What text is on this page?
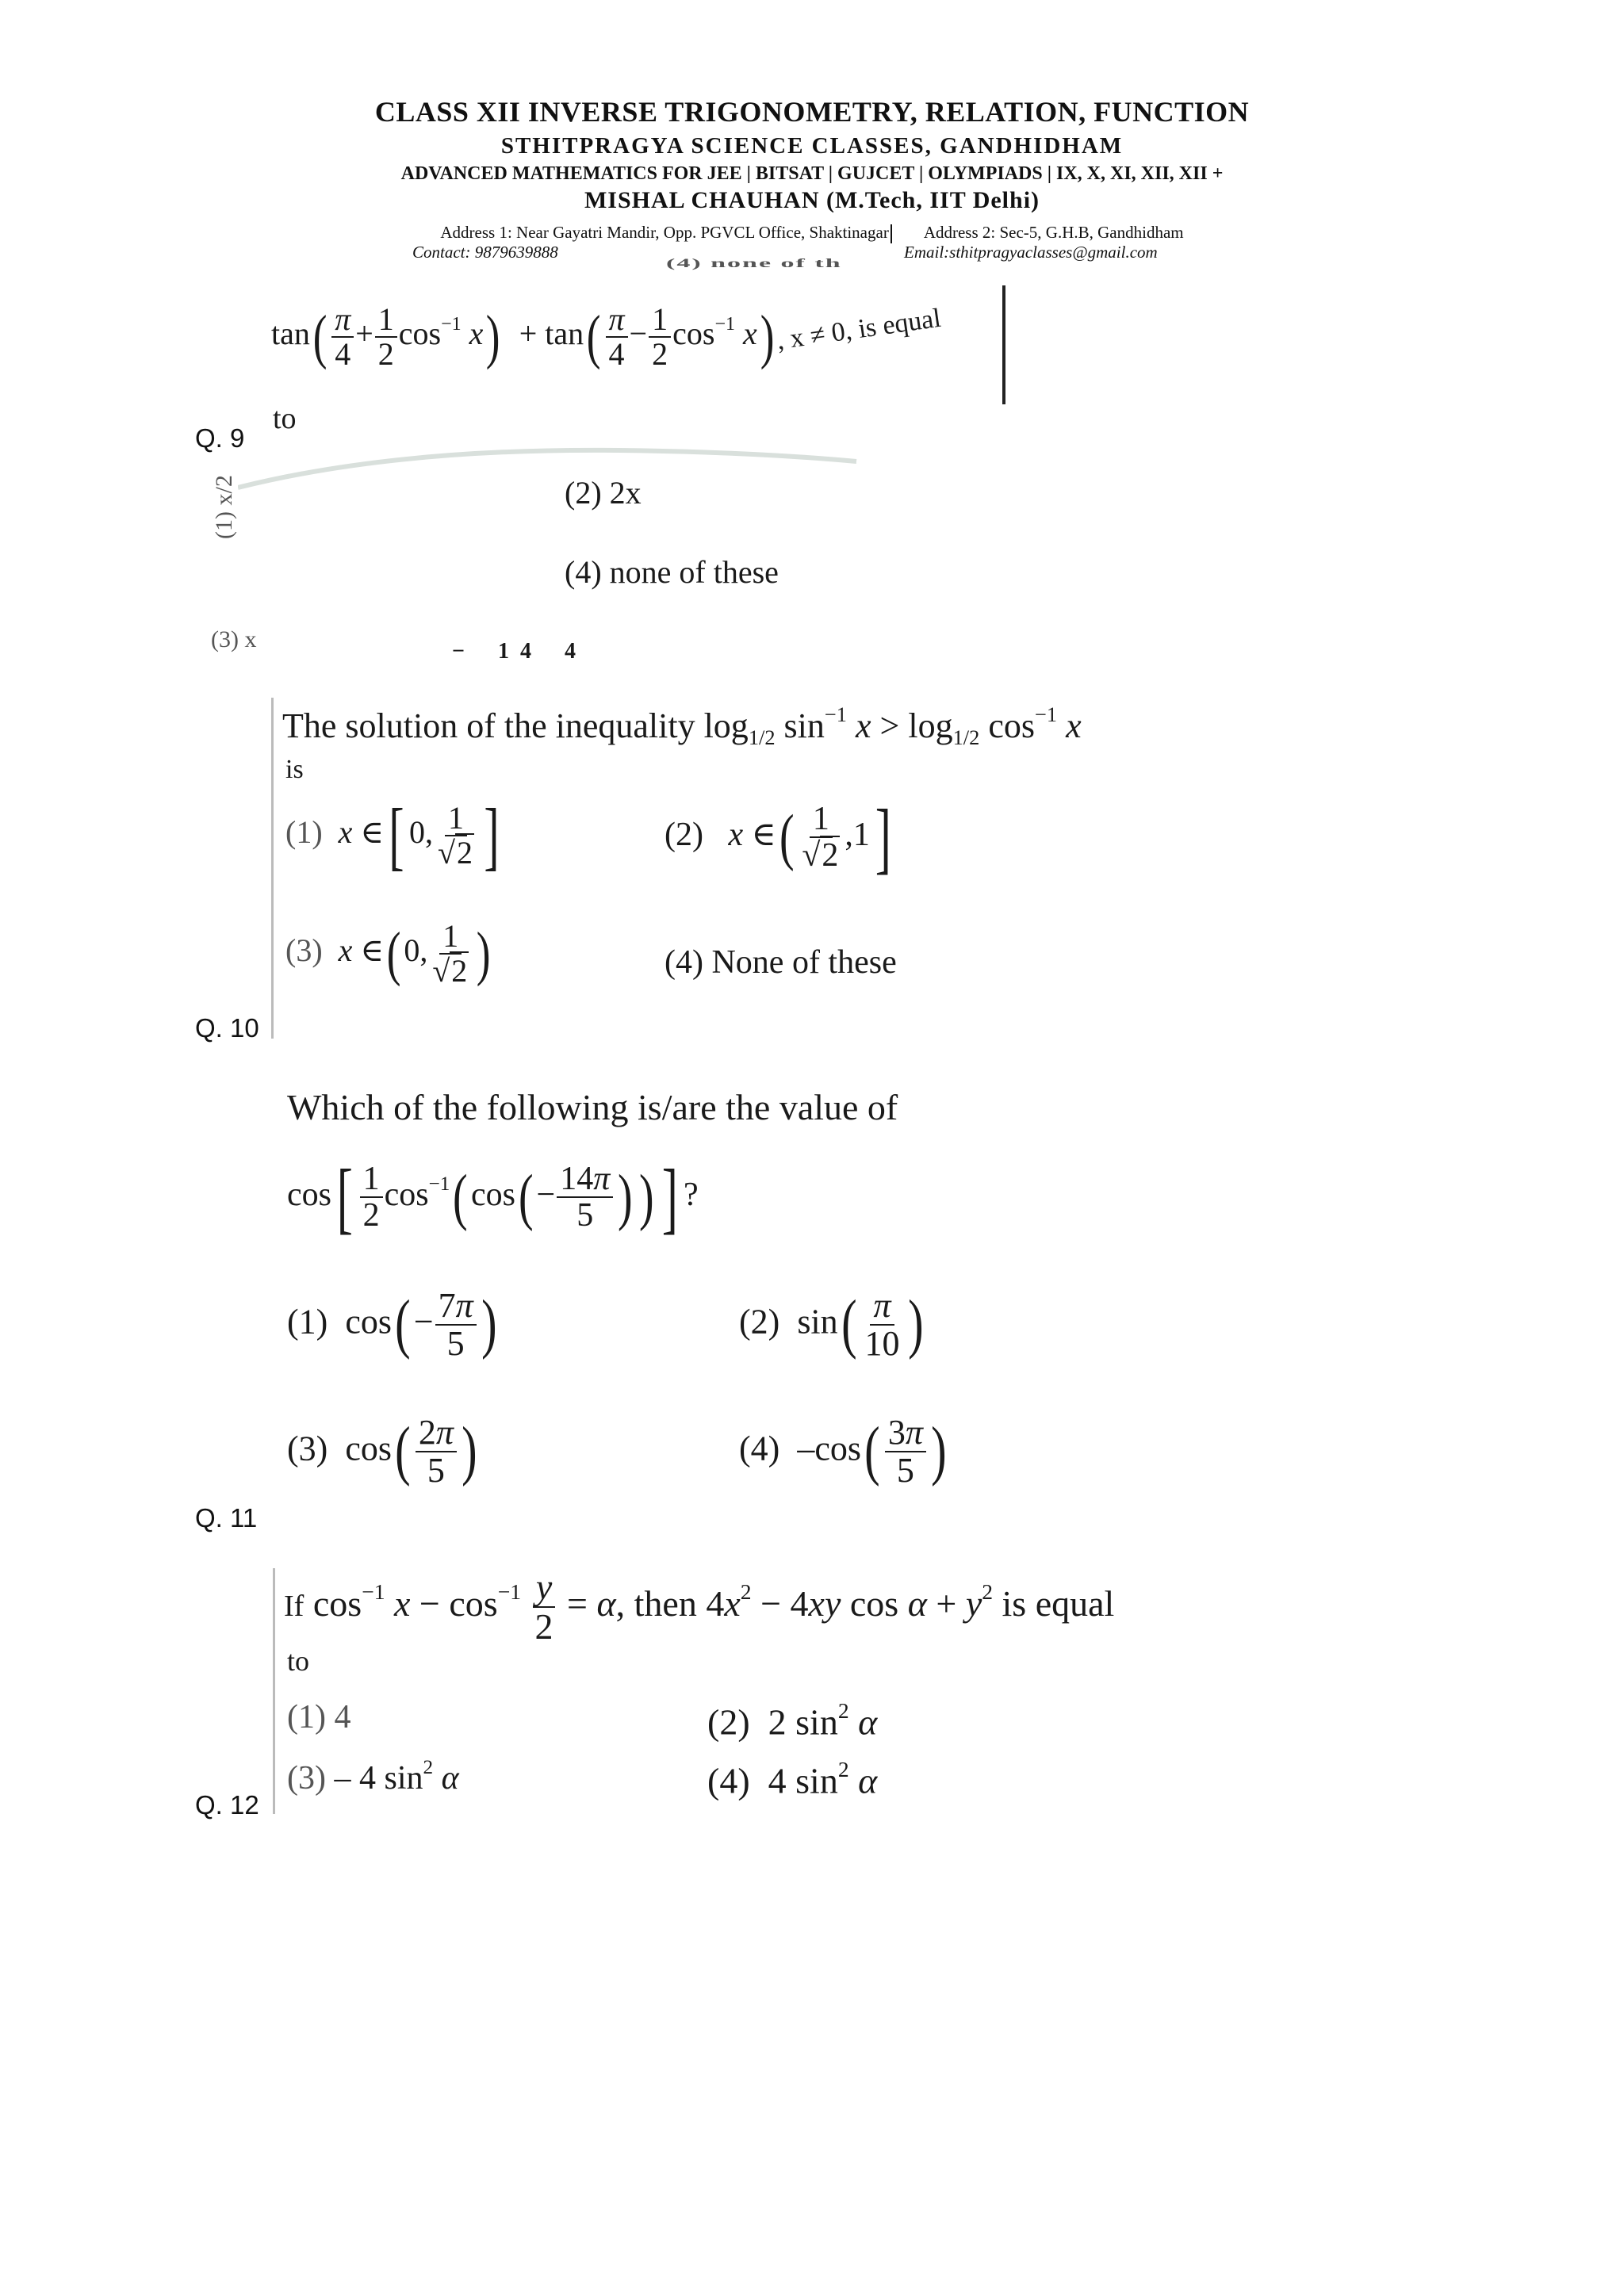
CLASS XII INVERSE TRIGONOMETRY, RELATION, FUNCTION
STHITPRAGYA SCIENCE CLASSES, GANDHIDHAM
ADVANCED MATHEMATICS FOR JEE | BITSAT | GUJCET | OLYMPIADS | IX, X, XI, XII, XII +
MISHAL CHAUHAN (M.Tech, IIT Delhi)
Address 1: Near Gayatri Mandir, Opp. PGVCL Office, Shaktinagar Address 2: Sec-5, G.H.B, Gandhidham
Contact: 9879639888	Email:sthitpragyaclasses@gmail.com
(4) none of th
$\tan( \frac{\pi}{4} + \frac{1}{2} \cos^{-1} x) + \tan( \frac{\pi}{4} - \frac{1}{2} \cos^{-1} x)$, x ≠ 0, is equal
to
(2) 2x
(4) none of these
(1) x/2
(3) x	−      1  4      4
Q. 9
The solution of the inequality $\log_{1/2} \sin^{-1} x > \log_{1/2} \cos^{-1} x$
is
(1) x ∈[ 0, $\frac{1}{√2}$ ]	(2) x ∈( $\frac{1}{√2} ,1$]
(3) x ∈(0, $\frac{1}{√2}$ )	(4) None of these
Q. 10
Which of the following is/are the value of
$\cos[ \frac{1}{2} \cos^{-1}(\cos(- \frac{14\pi}{5}$ )) ] ?
(1)  $\cos(- \frac{7\pi}{5}$ )	(2)  $\sin( \frac{\pi}{10}$ )
(3)  $\cos( \frac{2\pi}{5}$ )	(4)  $-\cos( \frac{3\pi}{5}$ )
Q. 11
If $\cos^{-1} x - \cos^{-1} \frac{y}{2} = \alpha$, then $4x^2 - 4xy$ $\cos \alpha + y^2$ is equal
to
(1) 4	(2)  2 $\sin^2 \alpha$
(3) – 4 $\sin^2 \alpha$	(4)  4 $\sin^2 \alpha$
Q. 12
